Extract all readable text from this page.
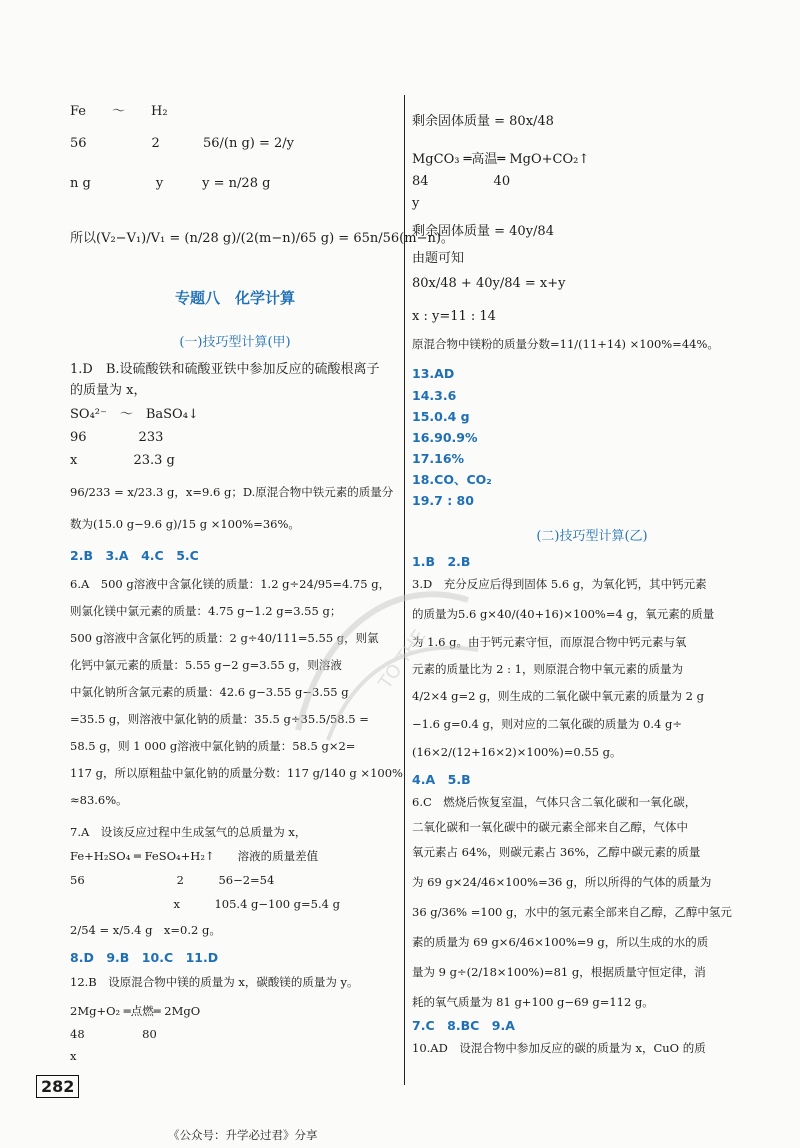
Fe　　～　　H₂
56　　　　　2　　　 56/(n g) = 2/y
n g　　　　　y　　　y = n/28 g
所以(V₂−V₁)/V₁ = (n/28 g)/(2(m−n)/65 g) = 65n/56(m−n)。
专题八　化学计算
(一)技巧型计算(甲)
1.D　B.设硫酸铁和硫酸亚铁中参加反应的硫酸根离子
的质量为 x，
SO₄²⁻　～　BaSO₄↓
96　　　　233
x　　　　 23.3 g
96/233 = x/23.3 g，x=9.6 g；D.原混合物中铁元素的质量分
数为(15.0 g−9.6 g)/15 g ×100%=36%。
2.B　3.A　4.C　5.C
6.A　500 g溶液中含氯化镁的质量：1.2 g÷24/95=4.75 g，
则氯化镁中氯元素的质量：4.75 g−1.2 g=3.55 g；
500 g溶液中含氯化钙的质量：2 g÷40/111=5.55 g，则氯
化钙中氯元素的质量：5.55 g−2 g=3.55 g，则溶液
中氯化钠所含氯元素的质量：42.6 g−3.55 g−3.55 g
=35.5 g，则溶液中氯化钠的质量：35.5 g÷35.5/58.5 =
58.5 g，则 1 000 g溶液中氯化钠的质量：58.5 g×2=
117 g，所以原粗盐中氯化钠的质量分数：117 g/140 g ×100%
≈83.6%。
7.A　设该反应过程中生成氢气的总质量为 x，
Fe+H₂SO₄ ═ FeSO₄+H₂↑　　溶液的质量差值
56　　　　　　　　2　　　56−2=54
　　　　　　　　　x　　　105.4 g−100 g=5.4 g
2/54 = x/5.4 g　x=0.2 g。
8.D　9.B　10.C　11.D
12.B　设原混合物中镁的质量为 x，碳酸镁的质量为 y。
2Mg+O₂ ═点燃═ 2MgO
48　　　　　80
x
剩余固体质量 = 80x/48
MgCO₃ ═高温═ MgO+CO₂↑
84　　　　　40
y
剩余固体质量 = 40y/84
由题可知
80x/48 + 40y/84 = x+y
x : y=11 : 14
原混合物中镁粉的质量分数=11/(11+14) ×100%=44%。
13.AD
14.3.6
15.0.4 g
16.90.9%
17.16%
18.CO、CO₂
19.7 : 80
(二)技巧型计算(乙)
1.B　2.B
3.D　充分反应后得到固体 5.6 g，为氧化钙，其中钙元素
的质量为5.6 g×40/(40+16)×100%=4 g，氧元素的质量
为 1.6 g。由于钙元素守恒，而原混合物中钙元素与氧
元素的质量比为 2 : 1，则原混合物中氧元素的质量为
4/2×4 g=2 g，则生成的二氧化碳中氧元素的质量为 2 g
−1.6 g=0.4 g，则对应的二氧化碳的质量为 0.4 g÷
(16×2/(12+16×2)×100%)=0.55 g。
4.A　5.B
6.C　燃烧后恢复室温，气体只含二氧化碳和一氧化碳，
二氧化碳和一氧化碳中的碳元素全部来自乙醇，气体中
氧元素占 64%，则碳元素占 36%，乙醇中碳元素的质量
为 69 g×24/46×100%=36 g，所以所得的气体的质量为
36 g/36% =100 g，水中的氢元素全部来自乙醇，乙醇中氢元
素的质量为 69 g×6/46×100%=9 g，所以生成的水的质
量为 9 g÷(2/18×100%)=81 g，根据质量守恒定律，消
耗的氧气质量为 81 g+100 g−69 g=112 g。
7.C　8.BC　9.A
10.AD　设混合物中参加反应的碳的质量为 x，CuO 的质
TO THE
282
《公众号：升学必过君》分享
